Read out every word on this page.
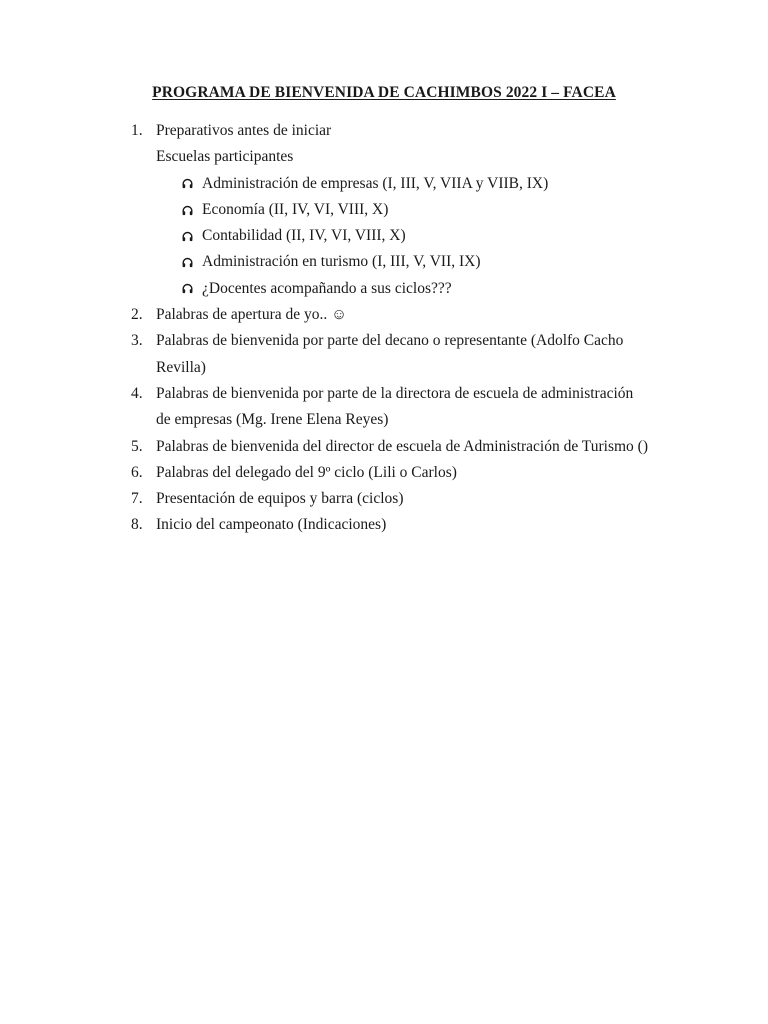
PROGRAMA DE BIENVENIDA DE CACHIMBOS 2022 I – FACEA
1. Preparativos antes de iniciar
Escuelas participantes
Administración de empresas (I, III, V, VIIA y VIIB, IX)
Economía (II, IV, VI, VIII, X)
Contabilidad (II, IV, VI, VIII, X)
Administración en turismo (I, III, V, VII, IX)
¿Docentes acompañando a sus ciclos???
2. Palabras de apertura de yo.. ☺
3. Palabras de bienvenida por parte del decano o representante (Adolfo Cacho Revilla)
4. Palabras de bienvenida por parte de la directora de escuela de administración de empresas (Mg. Irene Elena Reyes)
5. Palabras de bienvenida del director de escuela de Administración de Turismo ()
6. Palabras del delegado del 9º ciclo (Lili o Carlos)
7. Presentación de equipos y barra (ciclos)
8. Inicio del campeonato (Indicaciones)
